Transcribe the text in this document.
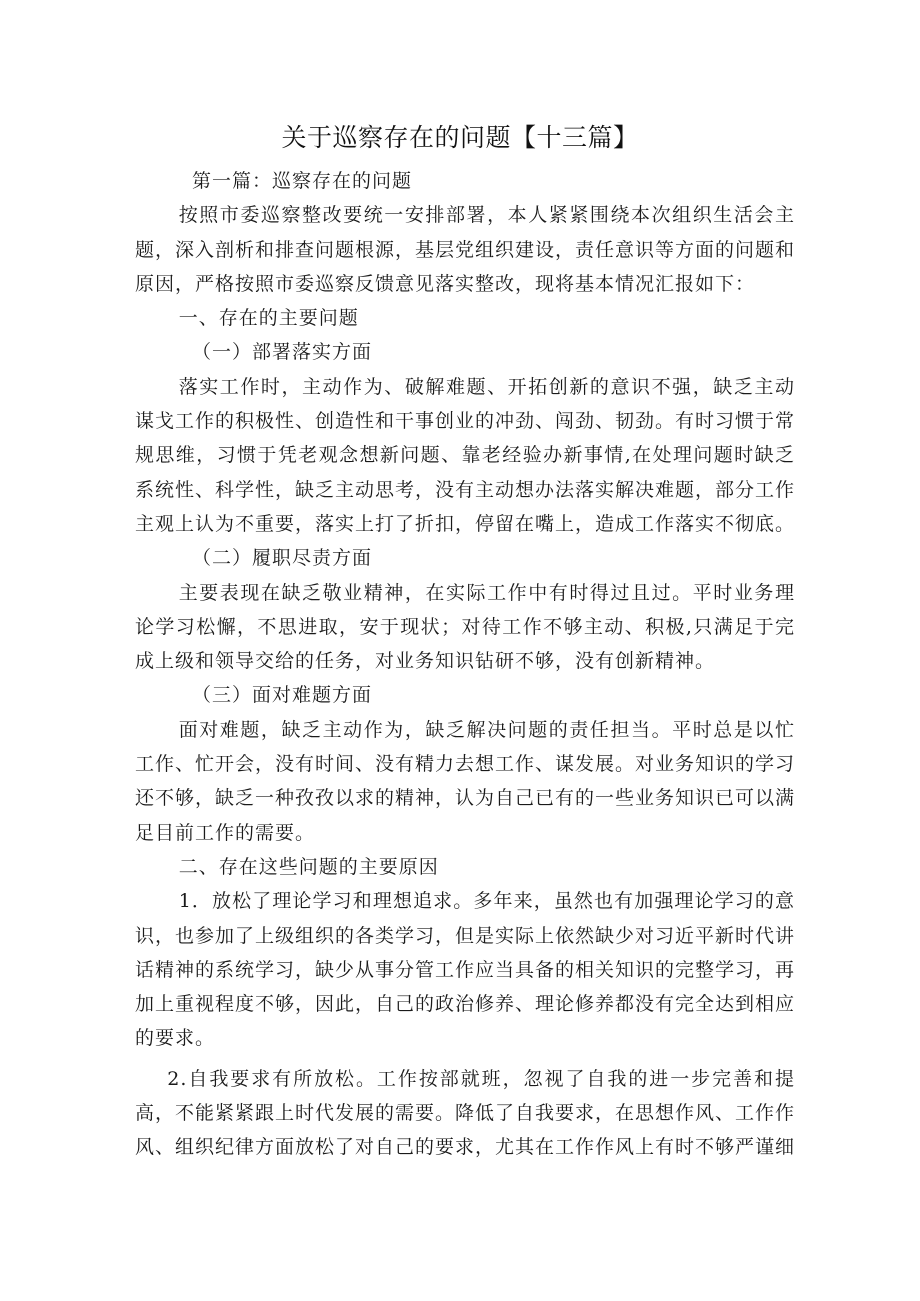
关于巡察存在的问题【十三篇】

第一篇：巡察存在的问题

按照市委巡察整改要统一安排部署，本人紧紧围绕本次组织生活会主题，深入剖析和排查问题根源，基层党组织建设，责任意识等方面的问题和原因，严格按照市委巡察反馈意见落实整改，现将基本情况汇报如下：

一、存在的主要问题

（一）部署落实方面

落实工作时，主动作为、破解难题、开拓创新的意识不强，缺乏主动谋戈工作的积极性、创造性和干事创业的冲劲、闯劲、韧劲。有时习惯于常规思维，习惯于凭老观念想新问题、靠老经验办新事情,在处理问题时缺乏系统性、科学性，缺乏主动思考，没有主动想办法落实解决难题，部分工作主观上认为不重要，落实上打了折扣，停留在嘴上，造成工作落实不彻底。

（二）履职尽责方面

主要表现在缺乏敬业精神，在实际工作中有时得过且过。平时业务理论学习松懈，不思进取，安于现状；对待工作不够主动、积极,只满足于完成上级和领导交给的任务，对业务知识钻研不够，没有创新精神。

（三）面对难题方面

面对难题，缺乏主动作为，缺乏解决问题的责任担当。平时总是以忙工作、忙开会，没有时间、没有精力去想工作、谋发展。对业务知识的学习还不够，缺乏一种孜孜以求的精神，认为自己已有的一些业务知识已可以满足目前工作的需要。

二、存在这些问题的主要原因

1．放松了理论学习和理想追求。多年来，虽然也有加强理论学习的意识，也参加了上级组织的各类学习，但是实际上依然缺少对习近平新时代讲话精神的系统学习，缺少从事分管工作应当具备的相关知识的完整学习，再加上重视程度不够，因此，自己的政治修养、理论修养都没有完全达到相应的要求。

2.自我要求有所放松。工作按部就班，忽视了自我的进一步完善和提高，不能紧紧跟上时代发展的需要。降低了自我要求，在思想作风、工作作风、组织纪律方面放松了对自己的要求，尤其在工作作风上有时不够严谨细
